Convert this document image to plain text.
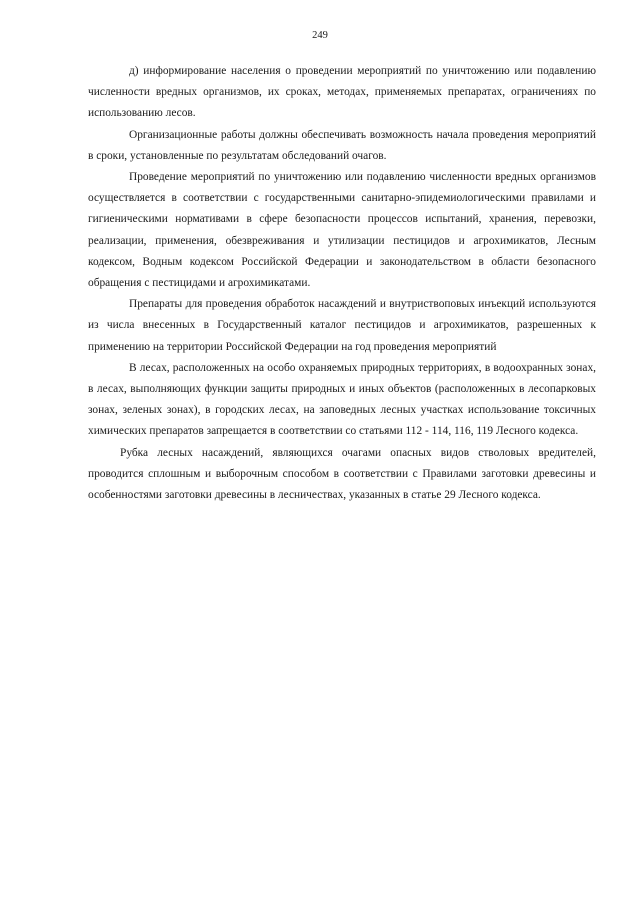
249

д) информирование населения о проведении мероприятий по уничтожению или подавлению численности вредных организмов, их сроках, методах, применяемых препаратах, ограничениях по использованию лесов.

Организационные работы должны обеспечивать возможность начала проведения мероприятий в сроки, установленные по результатам обследований очагов.

Проведение мероприятий по уничтожению или подавлению численности вредных организмов осуществляется в соответствии с государственными санитарно-эпидемиологическими правилами и гигиеническими нормативами в сфере безопасности процессов испытаний, хранения, перевозки, реализации, применения, обезвреживания и утилизации пестицидов и агрохимикатов, Лесным кодексом, Водным кодексом Российской Федерации и законодательством в области безопасного обращения с пестицидами и агрохимикатами.

Препараты для проведения обработок насаждений и внутриствоповых инъекций используются из числа внесенных в Государственный каталог пестицидов и агрохимикатов, разрешенных к применению на территории Российской Федерации на год проведения мероприятий

В лесах, расположенных на особо охраняемых природных территориях, в водоохранных зонах, в лесах, выполняющих функции защиты природных и иных объектов (расположенных в лесопарковых зонах, зеленых зонах), в городских лесах, на заповедных лесных участках использование токсичных химических препаратов запрещается в соответствии со статьями 112 - 114, 116, 119 Лесного кодекса.

Рубка лесных насаждений, являющихся очагами опасных видов стволовых вредителей, проводится сплошным и выборочным способом в соответствии с Правилами заготовки древесины и особенностями заготовки древесины в лесничествах, указанных в статье 29 Лесного кодекса.
